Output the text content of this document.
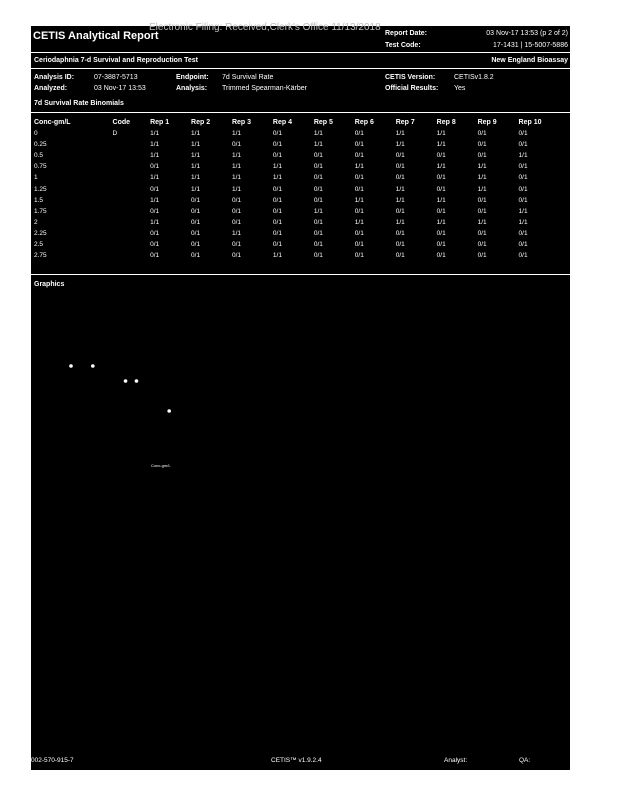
Electronic Filing: Received,Clerk's Office 11/13/2018
CETIS Analytical Report	Report Date:	03 Nov-17 13:53 (p 2 of 2)
Test Code:	17-1431 | 15-5007-5886
Ceriodaphnia 7-d Survival and Reproduction Test	New England Bioassay
Analysis ID:	07-3887-5713	Endpoint: 7d Survival Rate	CETIS Version:	CETISv1.8.2
Analyzed:	03 Nov-17 13:53	Analysis: Trimmed Spearman-Kärber	Official Results: Yes
7d Survival Rate Binomials
Conc-gm/L	Code	Rep 1	Rep 2	Rep 3	Rep 4	Rep 5	Rep 6	Rep 7	Rep 8	Rep 9	Rep 10
0	D	1/1	1/1	1/1	0/1	1/1	0/1	1/1	1/1	0/1	0/1
0.25		1/1	1/1	0/1	0/1	1/1	0/1	1/1	1/1	0/1	0/1
0.5		1/1	1/1	1/1	0/1	0/1	0/1	0/1	0/1	0/1	1/1
0.75		0/1	1/1	1/1	1/1	0/1	1/1	0/1	1/1	1/1	0/1
1		1/1	1/1	1/1	1/1	0/1	0/1	0/1	0/1	1/1	0/1
1.25		0/1	1/1	1/1	0/1	0/1	0/1	1/1	0/1	1/1	0/1
1.5		1/1	0/1	0/1	0/1	0/1	1/1	1/1	1/1	0/1	0/1
1.75		0/1	0/1	0/1	0/1	1/1	0/1	0/1	0/1	0/1	1/1
2		1/1	0/1	0/1	0/1	0/1	1/1	1/1	1/1	1/1	1/1
2.25		0/1	0/1	1/1	0/1	0/1	0/1	0/1	0/1	0/1	0/1
2.5		0/1	0/1	0/1	0/1	0/1	0/1	0/1	0/1	0/1	0/1
2.75		0/1	0/1	0/1	1/1	0/1	0/1	0/1	0/1	0/1	0/1
Graphics
Conc-gm/L
002-570-915-7	CETIS™ v1.9.2.4	Analyst:	QA:
